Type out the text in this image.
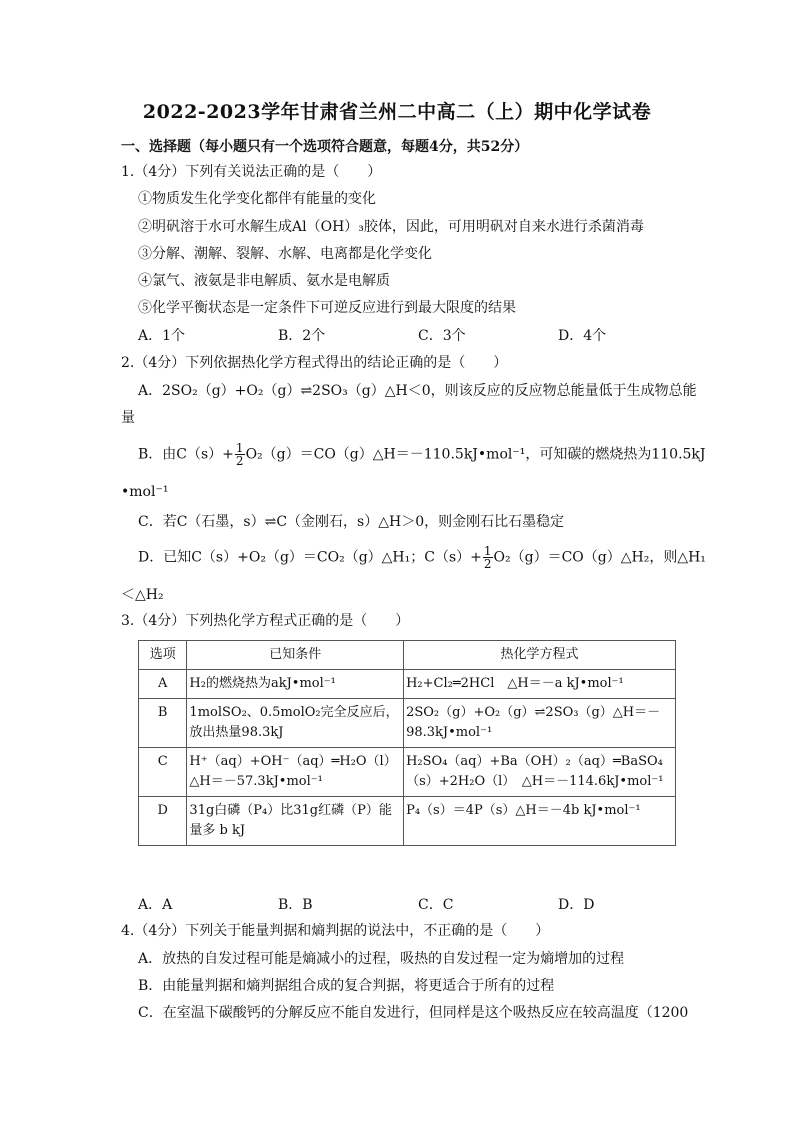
2022-2023学年甘肃省兰州二中高二（上）期中化学试卷
一、选择题（每小题只有一个选项符合题意，每题4分，共52分）
1.（4分）下列有关说法正确的是（　　）
①物质发生化学变化都伴有能量的变化
②明矾溶于水可水解生成Al（OH）₃胶体，因此，可用明矾对自来水进行杀菌消毒
③分解、潮解、裂解、水解、电离都是化学变化
④氯气、液氨是非电解质、氨水是电解质
⑤化学平衡状态是一定条件下可逆反应进行到最大限度的结果
A．1个	B．2个	C．3个	D．4个
2.（4分）下列依据热化学方程式得出的结论正确的是（　　）
A．2SO₂（g）+O₂（g）⇌2SO₃（g）△H＜0，则该反应的反应物总能量低于生成物总能
量
B．由$C(s)+ \frac{1}{2}$ O₂（g）＝CO（g）△H＝－110.5kJ•mol⁻¹，可知碳的燃烧热为110.5kJ
•mol⁻¹
C．若C（石墨，s）⇌C（金刚石，s）△H＞0，则金刚石比石墨稳定
D．已知C（s）+O₂（g）＝CO₂（g）△H₁；$C(s)+ \frac{1}{2}$ O₂（g）＝CO（g）△H₂，则△H₁
＜△H₂
3.（4分）下列热化学方程式正确的是（　　）
选项	已知条件	热化学方程式
A	H₂的燃烧热为akJ•mol⁻¹	H₂+Cl₂═2HCl　△H＝－a kJ•mol⁻¹
B	1molSO₂、0.5molO₂完全反应后，放出热量98.3kJ	2SO₂（g）+O₂（g）⇌2SO₃（g）△H＝－98.3kJ•mol⁻¹
C	H⁺（aq）+OH⁻（aq）═H₂O（l）△H＝－57.3kJ•mol⁻¹	H₂SO₄（aq）+Ba（OH）₂（aq）═BaSO₄（s）+2H₂O（l）　△H＝－114.6kJ•mol⁻¹
D	31g白磷（P₄）比31g红磷（P）能量多 b kJ	P₄（s）＝4P（s）△H＝－4b kJ•mol⁻¹
A．A	B．B	C．C	D．D
4.（4分）下列关于能量判据和熵判据的说法中，不正确的是（　　）
A．放热的自发过程可能是熵减小的过程，吸热的自发过程一定为熵增加的过程
B．由能量判据和熵判据组合成的复合判据，将更适合于所有的过程
C．在室温下碳酸钙的分解反应不能自发进行，但同样是这个吸热反应在较高温度（1200
